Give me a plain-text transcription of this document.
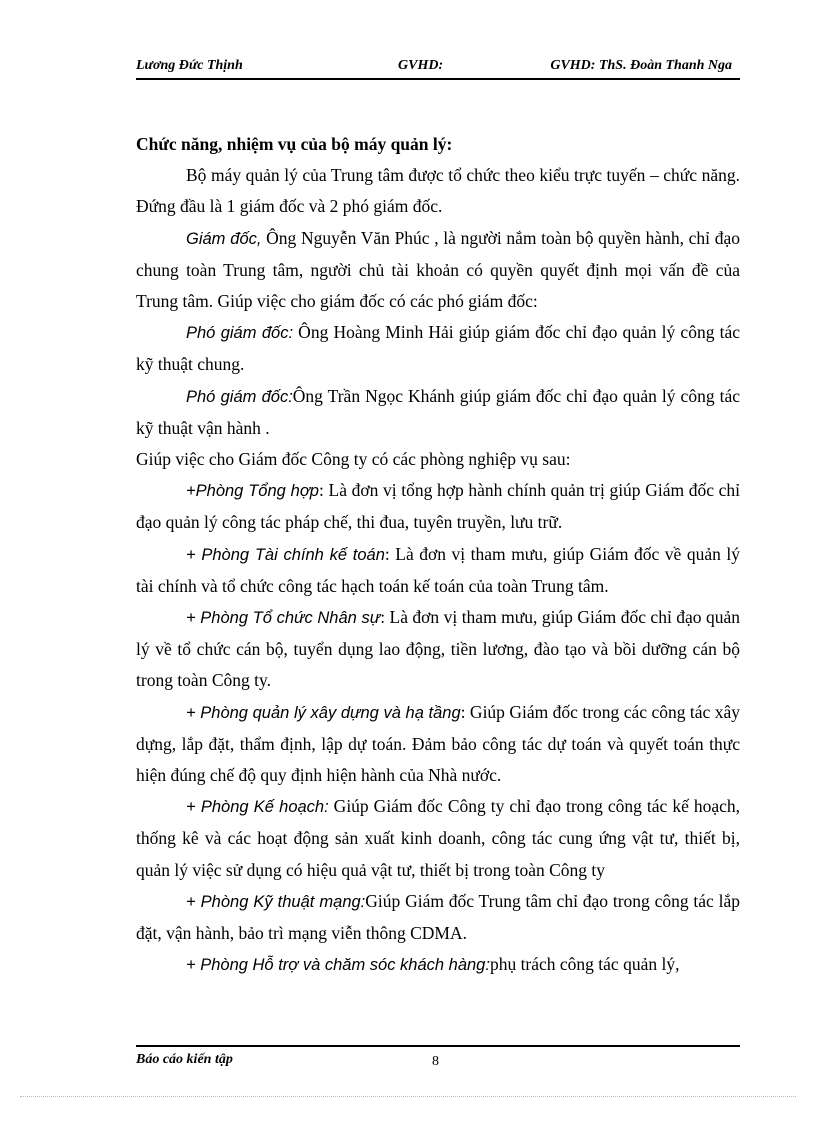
Lương Đức Thịnh	GVHD:	GVHD: ThS. Đoàn Thanh Nga

Chức năng, nhiệm vụ của bộ máy quản lý:

Bộ máy quản lý của Trung tâm được tổ chức theo kiểu trực tuyến – chức năng. Đứng đầu là 1 giám đốc và 2 phó giám đốc.

Giám đốc, Ông Nguyễn Văn Phúc , là người nắm toàn bộ quyền hành, chỉ đạo chung toàn Trung tâm, người chủ tài khoản có quyền quyết định mọi vấn đề của Trung tâm. Giúp việc cho giám đốc có các phó giám đốc:

Phó giám đốc: Ông Hoàng Minh Hải giúp giám đốc chỉ đạo quản lý công tác kỹ thuật chung.

Phó giám đốc:Ông Trần Ngọc Khánh giúp giám đốc chỉ đạo quản lý công tác kỹ thuật vận hành .

Giúp việc cho Giám đốc Công ty có các phòng nghiệp vụ sau:

+Phòng Tổng hợp: Là đơn vị tổng hợp hành chính quản trị giúp Giám đốc chỉ đạo quản lý công tác pháp chế, thi đua, tuyên truyền, lưu trữ.

+ Phòng Tài chính kế toán: Là đơn vị tham mưu, giúp Giám đốc về quản lý tài chính và tổ chức công tác hạch toán kế toán của toàn Trung tâm.

+ Phòng Tổ chức Nhân sự: Là đơn vị tham mưu, giúp Giám đốc chỉ đạo quản lý về tổ chức cán bộ, tuyển dụng lao động, tiền lương, đào tạo và bồi dưỡng cán bộ trong toàn Công ty.

+ Phòng quản lý xây dựng và hạ tầng: Giúp Giám đốc trong các công tác xây dựng, lắp đặt, thẩm định, lập dự toán. Đảm bảo công tác dự toán và quyết toán thực hiện đúng chế độ quy định hiện hành của Nhà nước.

+ Phòng Kế hoạch: Giúp Giám đốc Công ty chỉ đạo trong công tác kế hoạch, thống kê và các hoạt động sản xuất kinh doanh, công tác cung ứng vật tư, thiết bị, quản lý việc sử dụng có hiệu quả vật tư, thiết bị trong toàn Công ty

+ Phòng Kỹ thuật mạng:Giúp Giám đốc Trung tâm chỉ đạo trong công tác lắp đặt, vận hành, bảo trì mạng viễn thông CDMA.

+ Phòng Hỗ trợ và chăm sóc khách hàng:phụ trách công tác quản lý,

Báo cáo kiến tập	8
